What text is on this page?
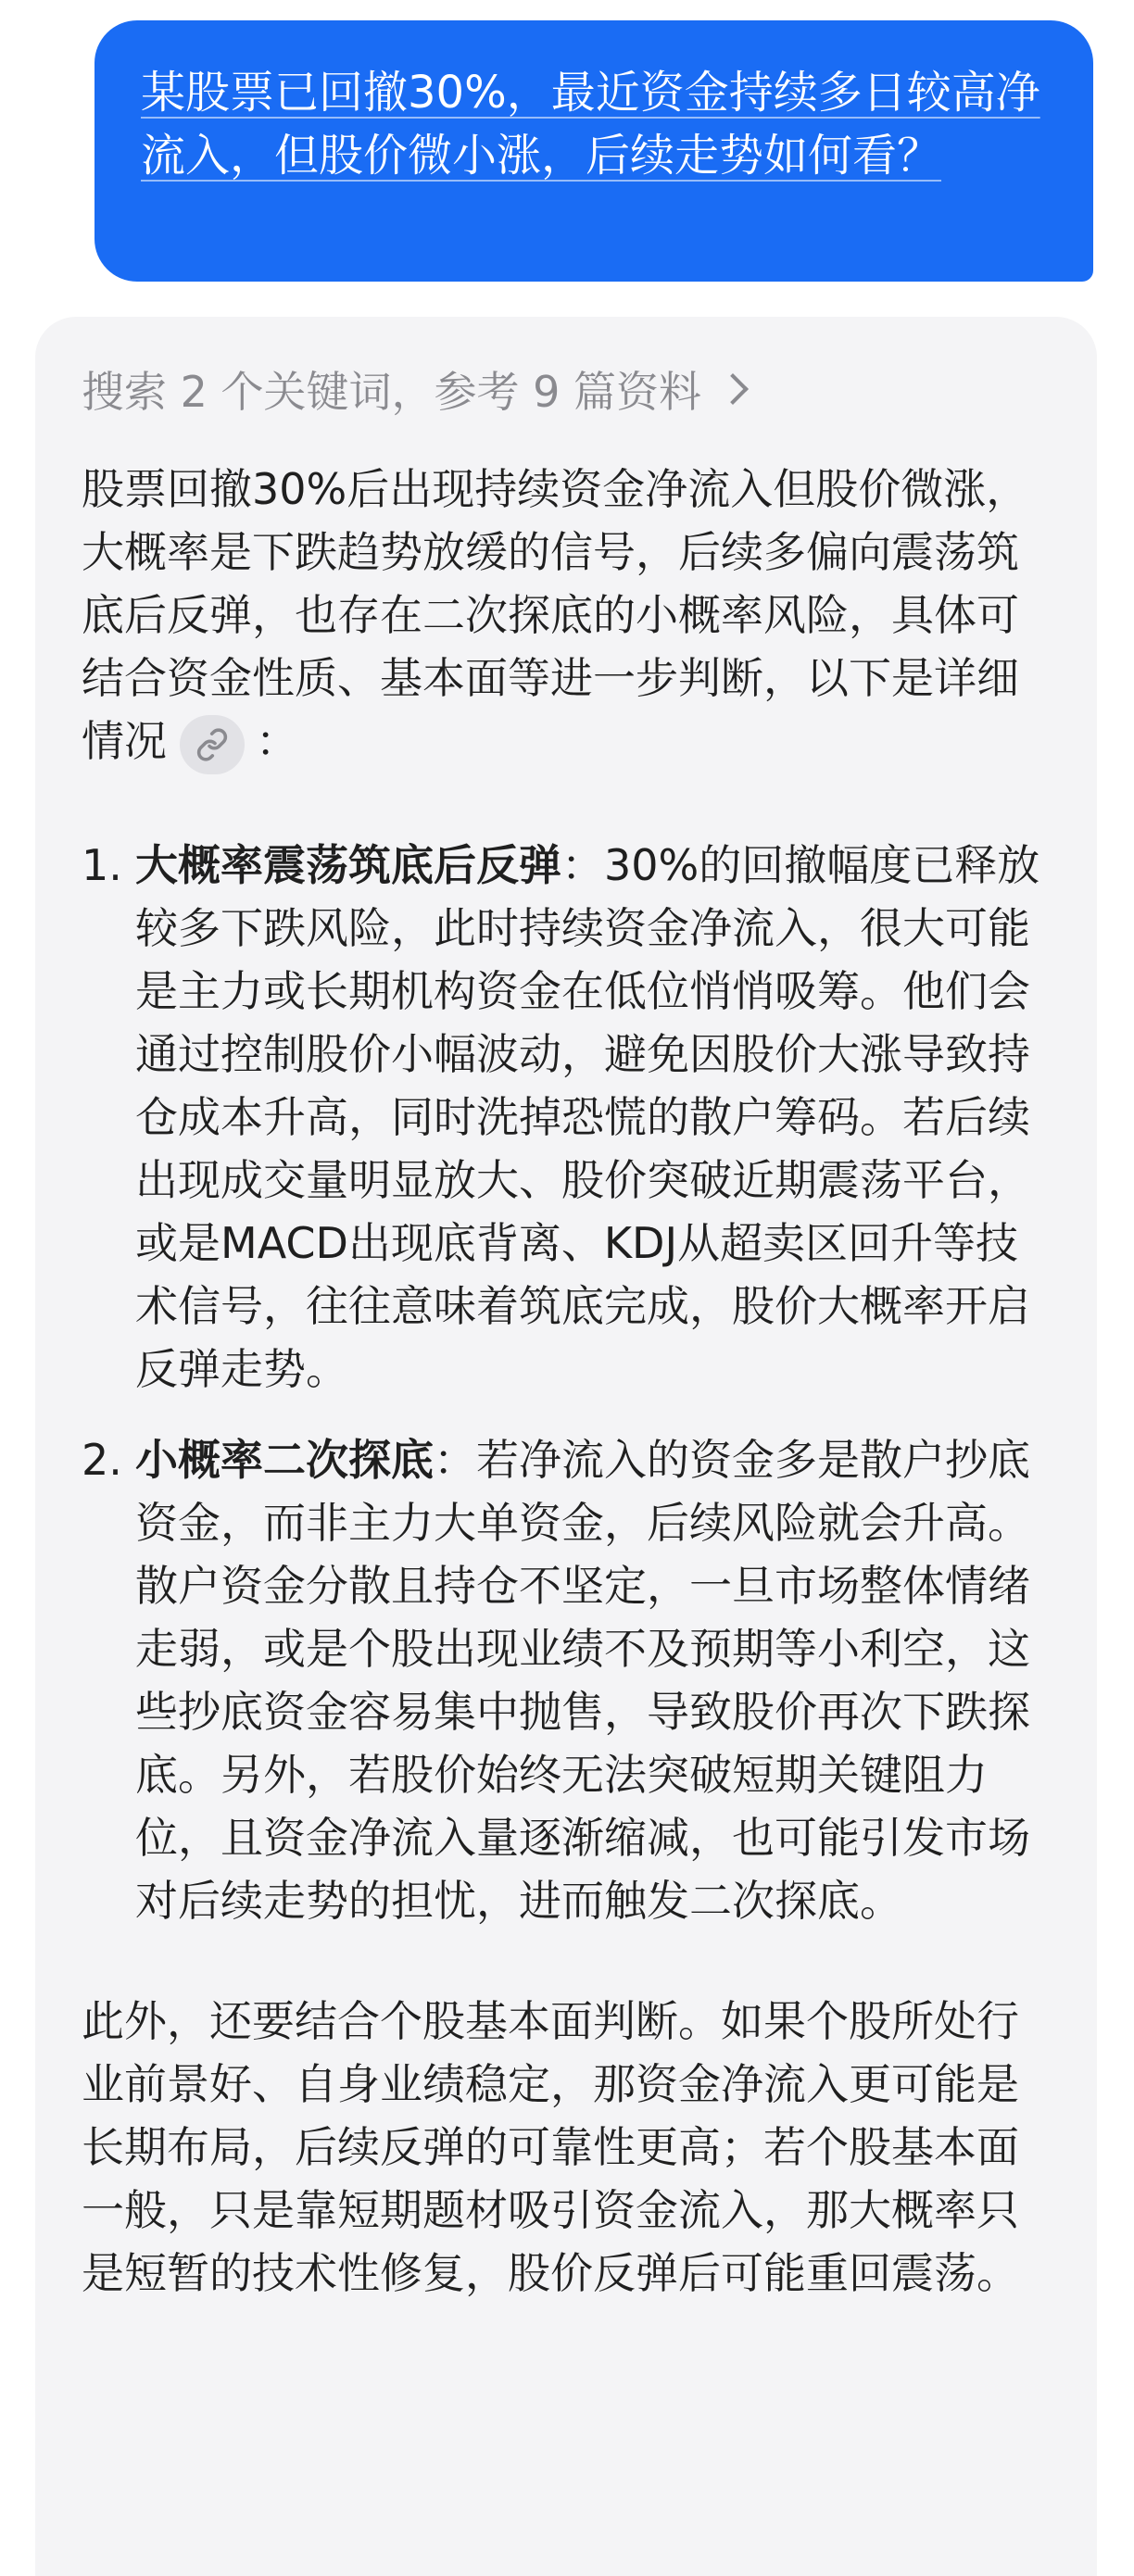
某股票已回撤30%，最近资金持续多日较高净流入，但股价微小涨，后续走势如何看？
搜索 2 个关键词，参考 9 篇资料

股票回撤30%后出现持续资金净流入但股价微涨，大概率是下跌趋势放缓的信号，后续多偏向震荡筑底后反弹，也存在二次探底的小概率风险，具体可结合资金性质、基本面等进一步判断，以下是详细情况 ：

1. 大概率震荡筑底后反弹：30%的回撤幅度已释放较多下跌风险，此时持续资金净流入，很大可能是主力或长期机构资金在低位悄悄吸筹。他们会通过控制股价小幅波动，避免因股价大涨导致持仓成本升高，同时洗掉恐慌的散户筹码。若后续出现成交量明显放大、股价突破近期震荡平台，或是MACD出现底背离、KDJ从超卖区回升等技术信号，往往意味着筑底完成，股价大概率开启反弹走势。
2. 小概率二次探底：若净流入的资金多是散户抄底资金，而非主力大单资金，后续风险就会升高。散户资金分散且持仓不坚定，一旦市场整体情绪走弱，或是个股出现业绩不及预期等小利空，这些抄底资金容易集中抛售，导致股价再次下跌探底。另外，若股价始终无法突破短期关键阻力位，且资金净流入量逐渐缩减，也可能引发市场对后续走势的担忧，进而触发二次探底。

此外，还要结合个股基本面判断。如果个股所处行业前景好、自身业绩稳定，那资金净流入更可能是长期布局，后续反弹的可靠性更高；若个股基本面一般，只是靠短期题材吸引资金流入，那大概率只是短暂的技术性修复，股价反弹后可能重回震荡。
